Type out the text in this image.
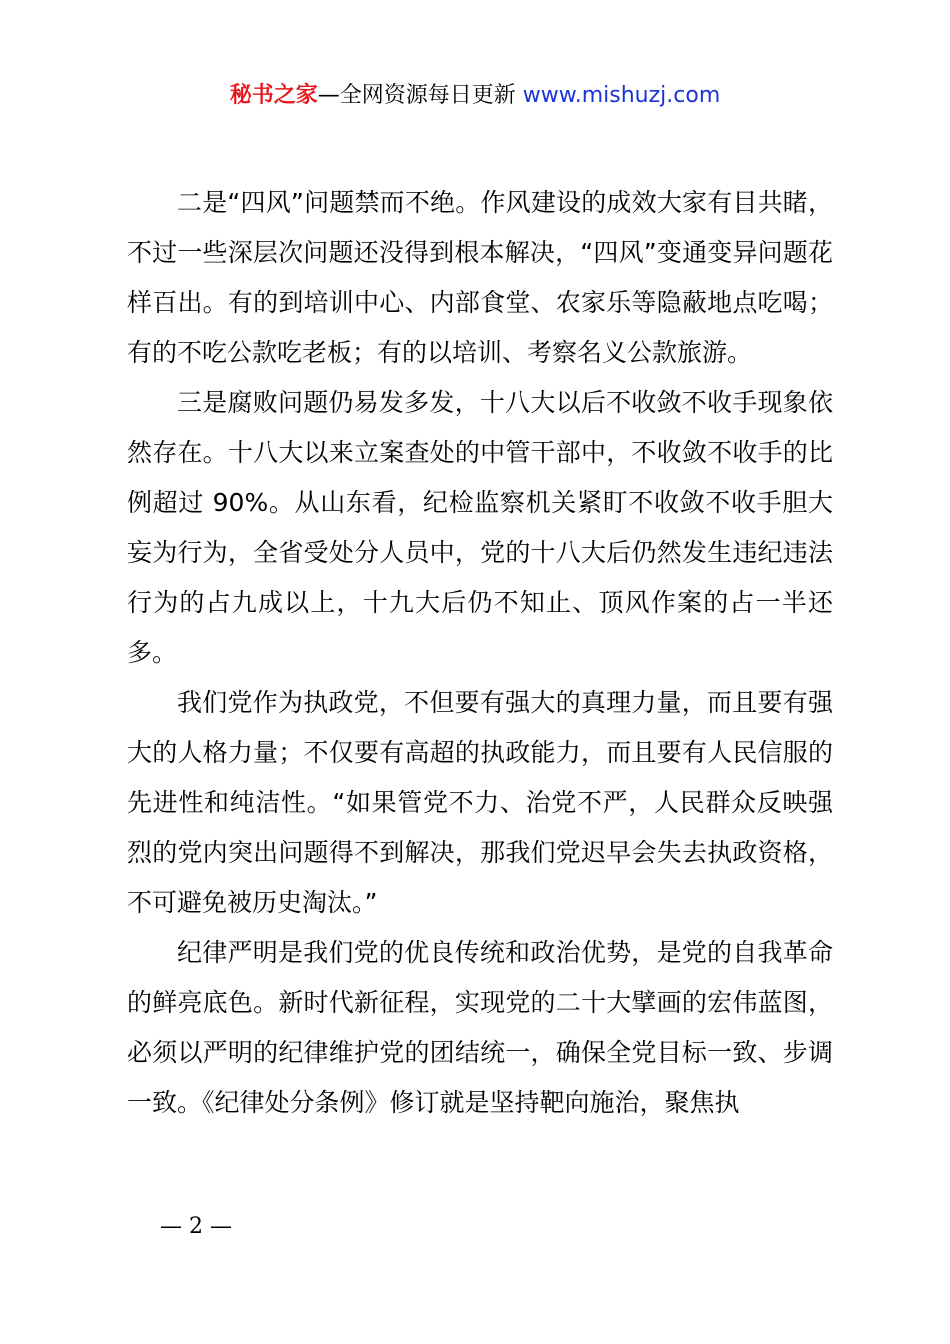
秘书之家—全网资源每日更新 www.mishuzj.com

二是“四风”问题禁而不绝。作风建设的成效大家有目共睹，不过一些深层次问题还没得到根本解决，“四风”变通变异问题花样百出。有的到培训中心、内部食堂、农家乐等隐蔽地点吃喝；有的不吃公款吃老板；有的以培训、考察名义公款旅游。

三是腐败问题仍易发多发，十八大以后不收敛不收手现象依然存在。十八大以来立案查处的中管干部中，不收敛不收手的比例超过 90%。从山东看，纪检监察机关紧盯不收敛不收手胆大妄为行为，全省受处分人员中，党的十八大后仍然发生违纪违法行为的占九成以上，十九大后仍不知止、顶风作案的占一半还多。

我们党作为执政党，不但要有强大的真理力量，而且要有强大的人格力量；不仅要有高超的执政能力，而且要有人民信服的先进性和纯洁性。“如果管党不力、治党不严，人民群众反映强烈的党内突出问题得不到解决，那我们党迟早会失去执政资格，不可避免被历史淘汰。”

纪律严明是我们党的优良传统和政治优势，是党的自我革命的鲜亮底色。新时代新征程，实现党的二十大擘画的宏伟蓝图，必须以严明的纪律维护党的团结统一，确保全党目标一致、步调一致。《纪律处分条例》修订就是坚持靶向施治，聚焦执

— 2 —
